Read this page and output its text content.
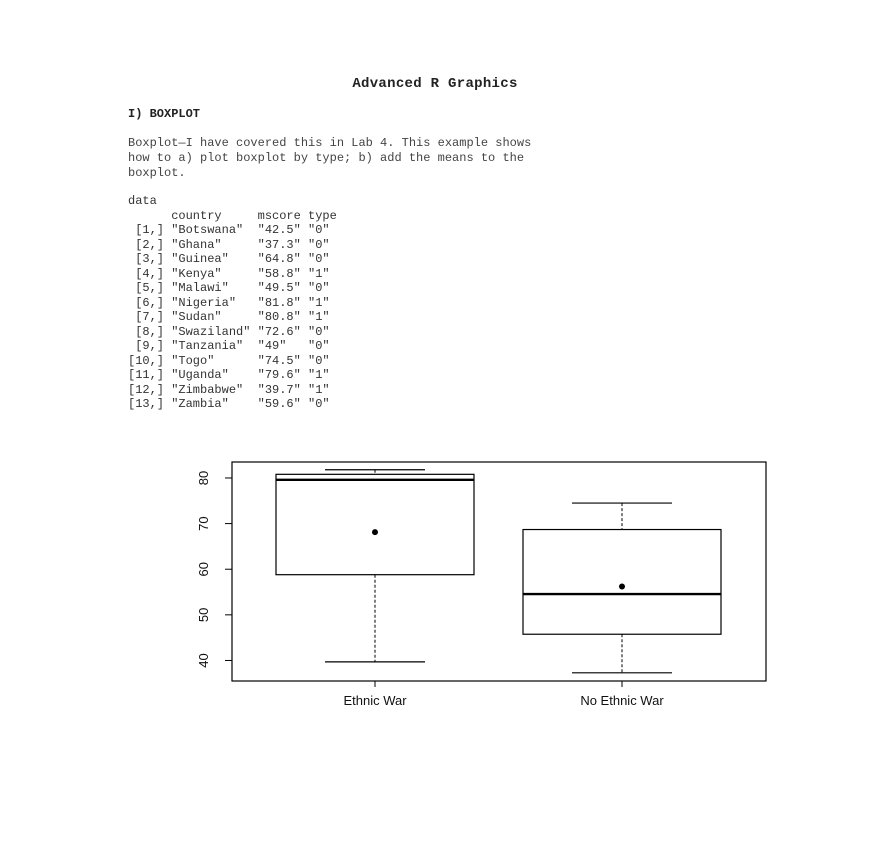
Advanced R Graphics
I) BOXPLOT
Boxplot—I have covered this in Lab 4. This example shows
how to a) plot boxplot by type; b) add the means to the
boxplot.
data
country     mscore type
[1,] "Botswana"  "42.5" "0"
[2,] "Ghana"     "37.3" "0"
[3,] "Guinea"    "64.8" "0"
[4,] "Kenya"     "58.8" "1"
[5,] "Malawi"    "49.5" "0"
[6,] "Nigeria"   "81.8" "1"
[7,] "Sudan"     "80.8" "1"
[8,] "Swaziland" "72.6" "0"
[9,] "Tanzania"  "49"   "0"
[10,] "Togo"      "74.5" "0"
[11,] "Uganda"    "79.6" "1"
[12,] "Zimbabwe"  "39.7" "1"
[13,] "Zambia"    "59.6" "0"
40
50
60
70
80
Ethnic War	No Ethnic War
